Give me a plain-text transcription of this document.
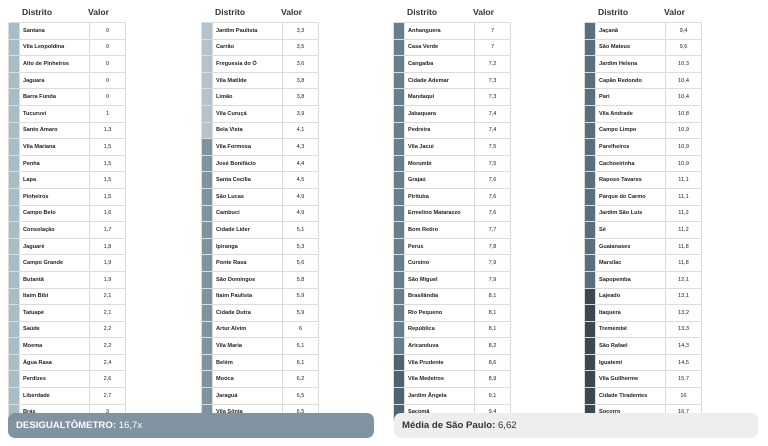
Distrito	Valor
	Santana	0
	Vila Leopoldina	0
	Alto de Pinheiros	0
	Jaguara	0
	Barra Funda	0
	Tucuruvi	1
	Santo Amaro	1,3
	Vila Mariana	1,5
	Penha	1,5
	Lapa	1,5
	Pinheiros	1,5
	Campo Belo	1,6
	Consolação	1,7
	Jaguaré	1,8
	Campo Grande	1,9
	Butantã	1,9
	Itaim Bibi	2,1
	Tatuapé	2,1
	Saúde	2,2
	Moema	2,2
	Água Rasa	2,4
	Perdizes	2,6
	Liberdade	2,7

Distrito	Valor
	Jardim Paulista	3,3
	Carrão	3,5
	Freguesia do Ó	3,6
	Vila Matilde	3,8
	Limão	3,8
	Vila Curuçá	3,9
	Bela Vista	4,1
	Vila Formosa	4,3
	José Bonifácio	4,4
	Santa Cecília	4,5
	São Lucas	4,9
	Cambuci	4,9
	Cidade Líder	5,1
	Ipiranga	5,3
	Ponte Rasa	5,6
	São Domingos	5,8
	Itaim Paulista	5,9
	Cidade Dutra	5,9
	Artur Alvim	6
	Vila Maria	6,1
	Belém	6,1
	Mooca	6,2
	Jaraguá	6,5

Distrito	Valor
	Anhanguera	7
	Casa Verde	7
	Cangaíba	7,2
	Cidade Ademar	7,3
	Mandaqui	7,3
	Jabaquara	7,4
	Pedreira	7,4
	Vila Jacuí	7,5
	Morumbi	7,5
	Grajaú	7,6
	Pirituba	7,6
	Ermelino Matarazzo	7,6
	Bom Retiro	7,7
	Perus	7,8
	Cursino	7,9
	São Miguel	7,9
	Brasilândia	8,1
	Rio Pequeno	8,1
	República	8,1
	Aricanduva	8,2
	Vila Prudente	8,6
	Vila Medeiros	8,9
	Jardim Ângela	9,1

Distrito	Valor
	Jaçanã	9,4
	São Mateus	9,6
	Jardim Helena	10,3
	Capão Redondo	10,4
	Pari	10,4
	Vila Andrade	10,8
	Campo Limpo	10,9
	Parelheiros	10,9
	Cachoeirinha	10,9
	Raposo Tavares	11,1
	Parque do Carmo	11,1
	Jardim São Luís	11,2
	Sé	11,2
	Guaianases	11,8
	Marsilac	11,8
	Sapopemba	12,1
	Lajeado	13,1
	Itaquera	13,2
	Tremembé	13,3
	São Rafael	14,3
	Iguatemi	14,5
	Vila Guilherme	15,7
	Cidade Tiradentes	16

DESIGUALTÔMETRO: 16,7x	Média de São Paulo: 6,62
